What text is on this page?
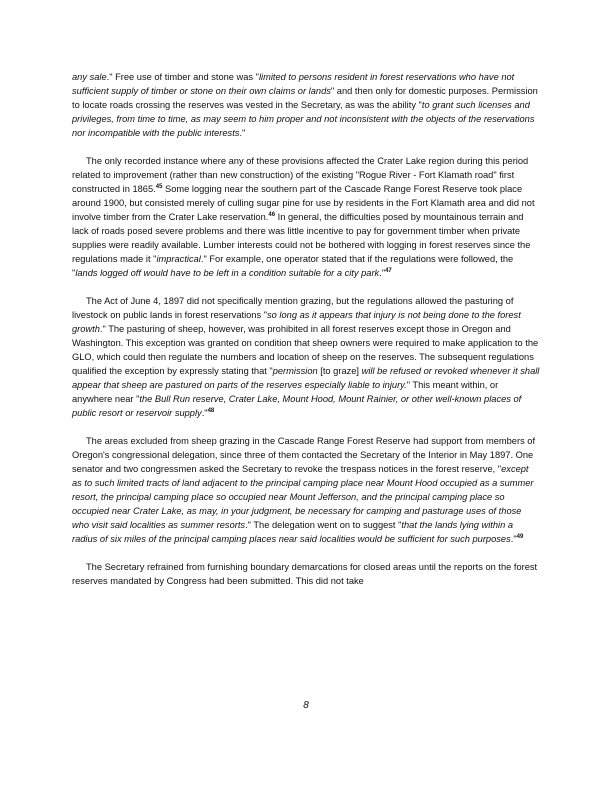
any sale." Free use of timber and stone was "limited to persons resident in forest reservations who have not sufficient supply of timber or stone on their own claims or lands" and then only for domestic purposes. Permission to locate roads crossing the reserves was vested in the Secretary, as was the ability "to grant such licenses and privileges, from time to time, as may seem to him proper and not inconsistent with the objects of the reservations nor incompatible with the public interests."

The only recorded instance where any of these provisions affected the Crater Lake region during this period related to improvement (rather than new construction) of the existing "Rogue River - Fort Klamath road" first constructed in 1865.45 Some logging near the southern part of the Cascade Range Forest Reserve took place around 1900, but consisted merely of culling sugar pine for use by residents in the Fort Klamath area and did not involve timber from the Crater Lake reservation.$^{46}$ In general, the difficulties posed by mountainous terrain and lack of roads posed severe problems and there was little incentive to pay for government timber when private supplies were readily available. Lumber interests could not be bothered with logging in forest reserves since the regulations made it "impractical." For example, one operator stated that if the regulations were followed, the "lands logged off would have to be left in a condition suitable for a city park."$^{47}$

The Act of June 4, 1897 did not specifically mention grazing, but the regulations allowed the pasturing of livestock on public lands in forest reservations "so long as it appears that injury is not being done to the forest growth." The pasturing of sheep, however, was prohibited in all forest reserves except those in Oregon and Washington. This exception was granted on condition that sheep owners were required to make application to the GLO, which could then regulate the numbers and location of sheep on the reserves. The subsequent regulations qualified the exception by expressly stating that "permission [to graze] will be refused or revoked whenever it shall appear that sheep are pastured on parts of the reserves especially liable to injury." This meant within, or anywhere near "the Bull Run reserve, Crater Lake, Mount Hood, Mount Rainier, or other well-known places of public resort or reservoir supply."$^{48}$

The areas excluded from sheep grazing in the Cascade Range Forest Reserve had support from members of Oregon's congressional delegation, since three of them contacted the Secretary of the Interior in May 1897. One senator and two congressmen asked the Secretary to revoke the trespass notices in the forest reserve, "except as to such limited tracts of land adjacent to the principal camping place near Mount Hood occupied as a summer resort, the principal camping place so occupied near Mount Jefferson, and the principal camping place so occupied near Crater Lake, as may, in your judgment, be necessary for camping and pasturage uses of those who visit said localities as summer resorts." The delegation went on to suggest "that the lands lying within a radius of six miles of the principal camping places near said localities would be sufficient for such purposes."$^{49}$

The Secretary refrained from furnishing boundary demarcations for closed areas until the reports on the forest reserves mandated by Congress had been submitted. This did not take

8
